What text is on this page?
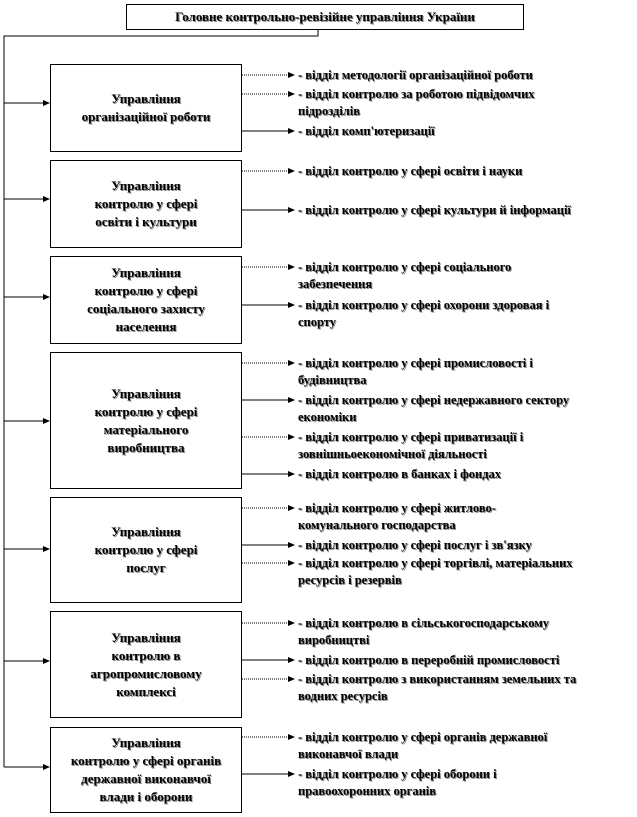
Головне контрольно-ревізійне управління України
Управління
організаційної роботи
- відділ методології організаційної роботи
- відділ контролю за роботою підвідомчих
підрозділів
- відділ комп'ютеризації
Управління
контролю у сфері
освіти і культури
- відділ контролю у сфері освіти і науки
- відділ контролю у сфері культури й інформації
Управління
контролю у сфері
соціального захисту
населення
- відділ контролю у сфері соціального
забезпечення
- відділ контролю у сфері охорони здоровая і
спорту
Управління
контролю у сфері
матеріального
виробництва
- відділ контролю у сфері промисловості і
будівництва
- відділ контролю у сфері недержавного сектору
економіки
- відділ контролю у сфері приватизації і
зовнішньоекономічної діяльності
- відділ контролю в банках і фондах
Управління
контролю у сфері
послуг
- відділ контролю у сфері житлово-
комунального господарства
- відділ контролю у сфері послуг і зв'язку
- відділ контролю у сфері торгівлі, матеріальних
ресурсів і резервів
Управління
контролю в
агропромисловому
комплексі
- відділ контролю в сільськогосподарському
виробництві
- відділ контролю в переробній промисловості
- відділ контролю з використанням земельних та
водних ресурсів
Управління
контролю у сфері органів
державної виконавчої
влади і оборони
- відділ контролю у сфері органів державної
виконавчої влади
- відділ контролю у сфері оборони і
правоохоронних органів
